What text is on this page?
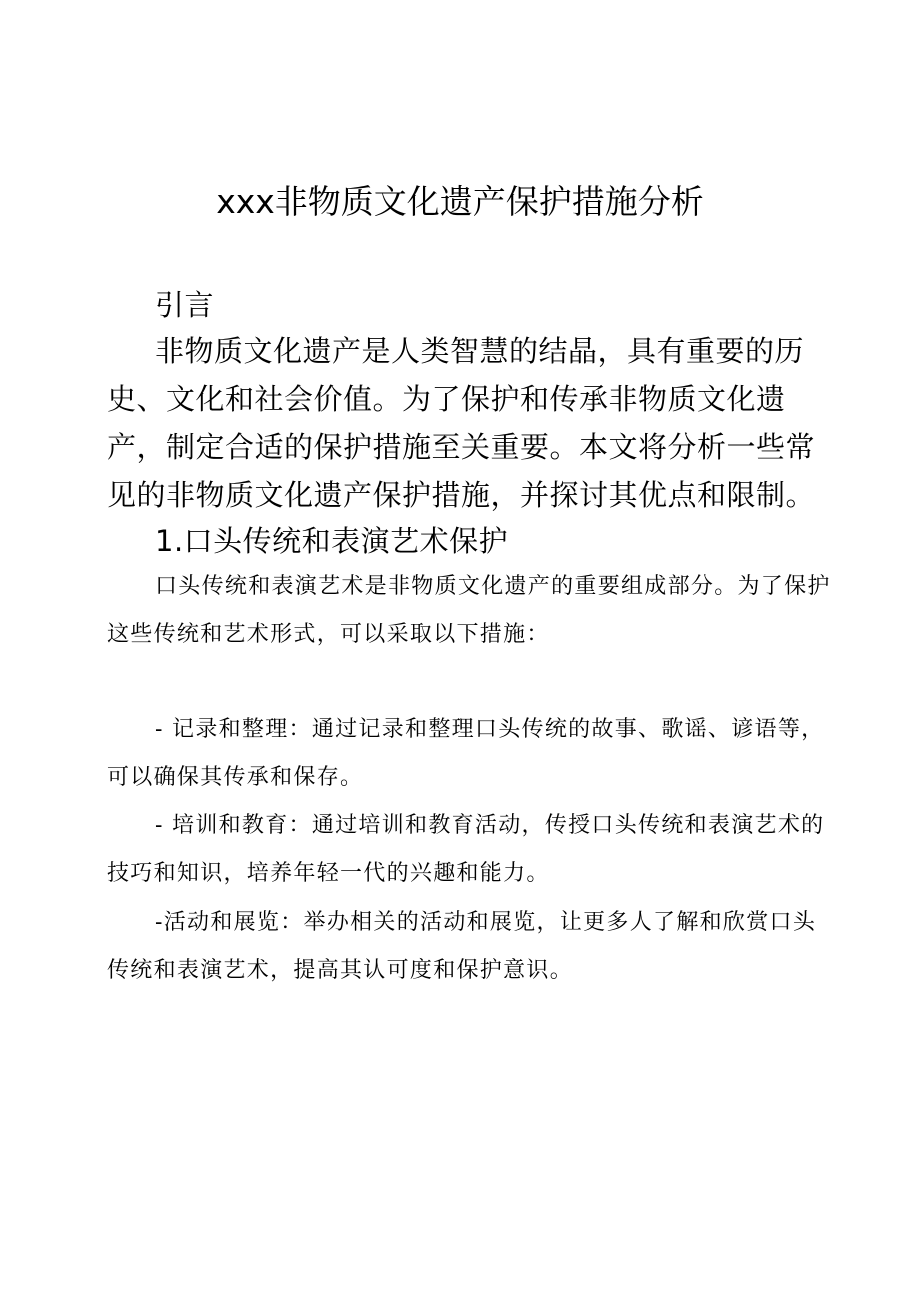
xxx非物质文化遗产保护措施分析

引言

非物质文化遗产是人类智慧的结晶，具有重要的历史、文化和社会价值。为了保护和传承非物质文化遗产，制定合适的保护措施至关重要。本文将分析一些常见的非物质文化遗产保护措施，并探讨其优点和限制。

1.口头传统和表演艺术保护

口头传统和表演艺术是非物质文化遗产的重要组成部分。为了保护这些传统和艺术形式，可以采取以下措施：

- 记录和整理：通过记录和整理口头传统的故事、歌谣、谚语等，可以确保其传承和保存。

- 培训和教育：通过培训和教育活动，传授口头传统和表演艺术的技巧和知识，培养年轻一代的兴趣和能力。

-活动和展览：举办相关的活动和展览，让更多人了解和欣赏口头传统和表演艺术，提高其认可度和保护意识。
